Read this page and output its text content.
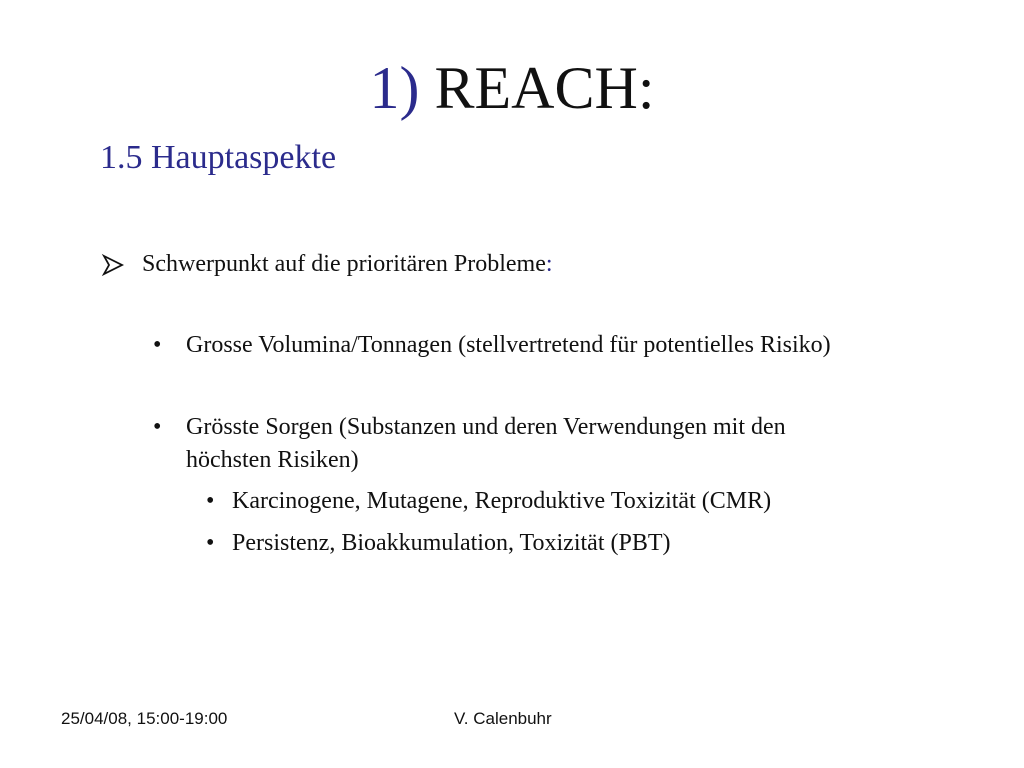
1) REACH:
1.5 Hauptaspekte
Schwerpunkt auf die prioritären Probleme:
• Grosse Volumina/Tonnagen (stellvertretend für potentielles Risiko)
• Grösste Sorgen (Substanzen und deren Verwendungen mit den
höchsten Risiken)
• Karcinogene, Mutagene, Reproduktive Toxizität (CMR)
• Persistenz, Bioakkumulation, Toxizität (PBT)
25/04/08, 15:00-19:00	V. Calenbuhr
